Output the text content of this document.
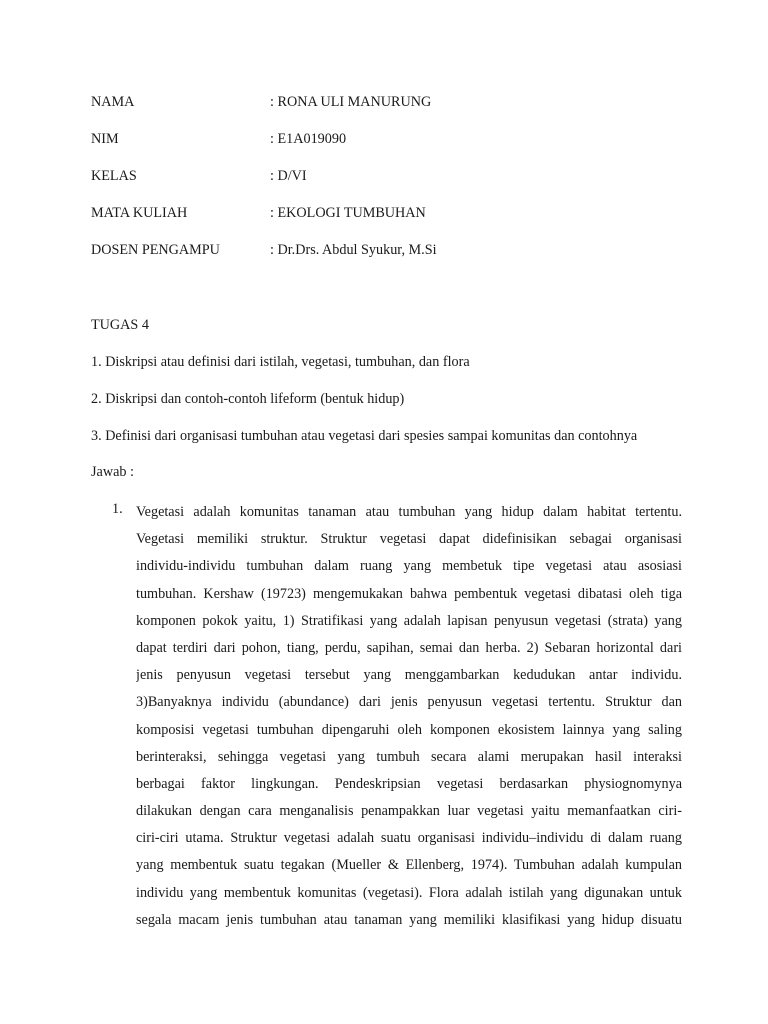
NAMA	: RONA ULI MANURUNG
NIM	: E1A019090
KELAS	: D/VI
MATA KULIAH	: EKOLOGI TUMBUHAN
DOSEN PENGAMPU	: Dr.Drs. Abdul Syukur, M.Si
TUGAS 4
1. Diskripsi atau definisi dari istilah, vegetasi, tumbuhan, dan flora
2. Diskripsi dan contoh-contoh lifeform (bentuk hidup)
3. Definisi dari organisasi tumbuhan atau vegetasi dari spesies sampai komunitas dan contohnya
Jawab :
1. Vegetasi adalah komunitas tanaman atau tumbuhan yang hidup dalam habitat tertentu.
Vegetasi memiliki struktur. Struktur vegetasi dapat didefinisikan sebagai organisasi
individu-individu tumbuhan dalam ruang yang membetuk tipe vegetasi atau asosiasi
tumbuhan. Kershaw (19723) mengemukakan bahwa pembentuk vegetasi dibatasi oleh tiga
komponen pokok yaitu, 1) Stratifikasi yang adalah lapisan penyusun vegetasi (strata) yang
dapat terdiri dari pohon, tiang, perdu, sapihan, semai dan herba. 2) Sebaran horizontal dari
jenis penyusun vegetasi tersebut yang menggambarkan kedudukan antar individu.
3)Banyaknya individu (abundance) dari jenis penyusun vegetasi tertentu. Struktur dan
komposisi vegetasi tumbuhan dipengaruhi oleh komponen ekosistem lainnya yang saling
berinteraksi, sehingga vegetasi yang tumbuh secara alami merupakan hasil interaksi
berbagai faktor lingkungan. Pendeskripsian vegetasi berdasarkan physiognomynya
dilakukan dengan cara menganalisis penampakkan luar vegetasi yaitu memanfaatkan ciri-
ciri-ciri utama. Struktur vegetasi adalah suatu organisasi individu–individu di dalam ruang
yang membentuk suatu tegakan (Mueller & Ellenberg, 1974). Tumbuhan adalah kumpulan
individu yang membentuk komunitas (vegetasi). Flora adalah istilah yang digunakan untuk
segala macam jenis tumbuhan atau tanaman yang memiliki klasifikasi yang hidup disuatu
